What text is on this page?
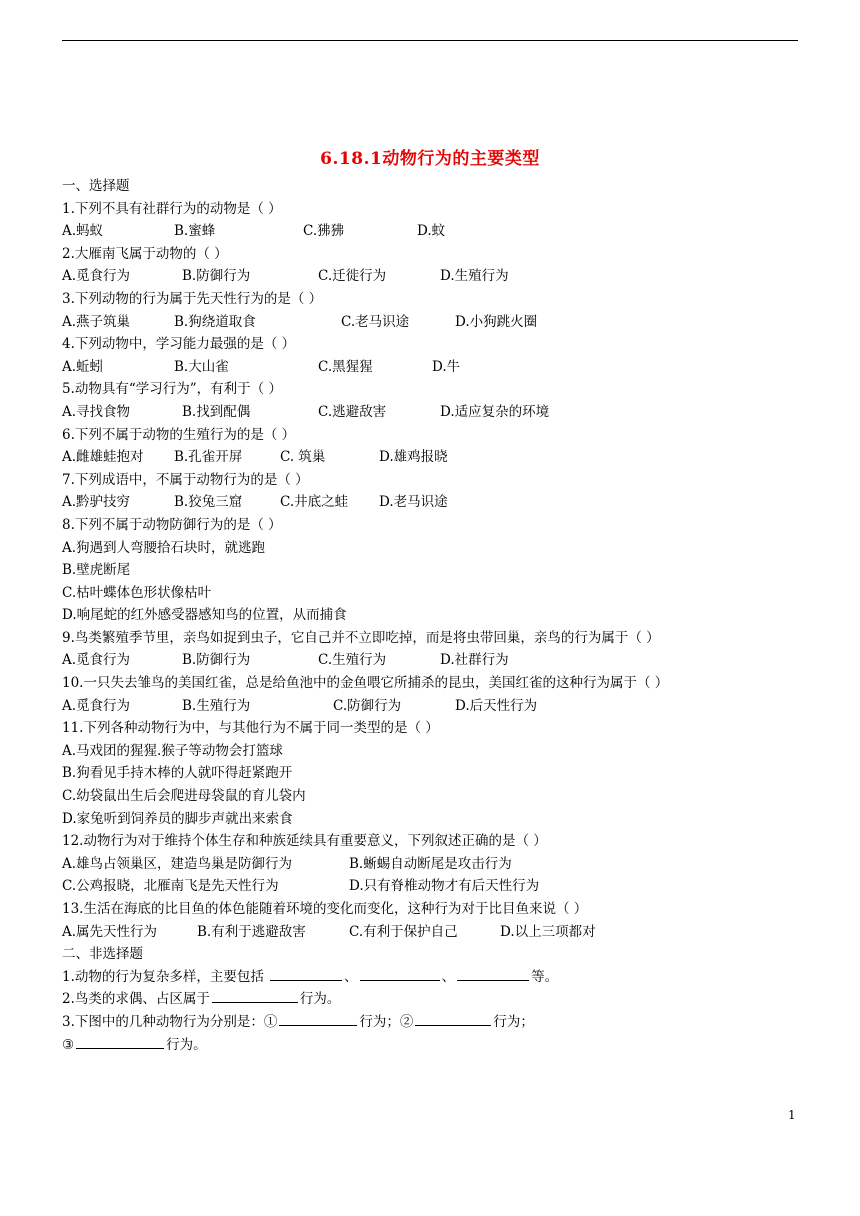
6.18.1动物行为的主要类型
一、选择题
1.下列不具有社群行为的动物是（ ）
A.蚂蚁	B.蜜蜂	C.狒狒	D.蚊
2.大雁南飞属于动物的（ ）
A.觅食行为	B.防御行为	C.迁徙行为	D.生殖行为
3.下列动物的行为属于先天性行为的是（ ）
A.燕子筑巢	B.狗绕道取食	C.老马识途	D.小狗跳火圈
4.下列动物中，学习能力最强的是（ ）
A.蚯蚓	B.大山雀	C.黑猩猩	D.牛
5.动物具有“学习行为”，有利于（ ）
A.寻找食物	B.找到配偶	C.逃避敌害	D.适应复杂的环境
6.下列不属于动物的生殖行为的是（ ）
A.雌雄蛙抱对 B.孔雀开屏	C. 筑巢	D.雄鸡报晓
7.下列成语中，不属于动物行为的是（ ）
A.黔驴技穷	B.狡兔三窟	C.井底之蛙 D.老马识途
8.下列不属于动物防御行为的是（ ）
A.狗遇到人弯腰拾石块时，就逃跑
B.壁虎断尾
C.枯叶蝶体色形状像枯叶
D.响尾蛇的红外感受器感知鸟的位置，从而捕食
9.鸟类繁殖季节里，亲鸟如捉到虫子，它自己并不立即吃掉，而是将虫带回巢，亲鸟的行为属于（ ）
A.觅食行为	B.防御行为	C.生殖行为	D.社群行为
10.一只失去雏鸟的美国红雀，总是给鱼池中的金鱼喂它所捕杀的昆虫，美国红雀的这种行为属于（ ）
A.觅食行为	B.生殖行为	C.防御行为	D.后天性行为
11.下列各种动物行为中，与其他行为不属于同一类型的是（ ）
A.马戏团的猩猩.猴子等动物会打篮球
B.狗看见手持木棒的人就吓得赶紧跑开
C.幼袋鼠出生后会爬进母袋鼠的育儿袋内
D.家兔听到饲养员的脚步声就出来索食
12.动物行为对于维持个体生存和种族延续具有重要意义，下列叙述正确的是（ ）
A.雄鸟占领巢区，建造鸟巢是防御行为	B.蜥蜴自动断尾是攻击行为
C.公鸡报晓，北雁南飞是先天性行为	D.只有脊椎动物才有后天性行为
13.生活在海底的比目鱼的体色能随着环境的变化而变化，这种行为对于比目鱼来说（ ）
A.属先天性行为	B.有利于逃避敌害	C.有利于保护自己	D.以上三项都对
二、非选择题
1.动物的行为复杂多样，主要包括	、	、	等。
2.鸟类的求偶、占区属于	行为。
3.下图中的几种动物行为分别是：①	行为；②	行为；
③	行为。
1
